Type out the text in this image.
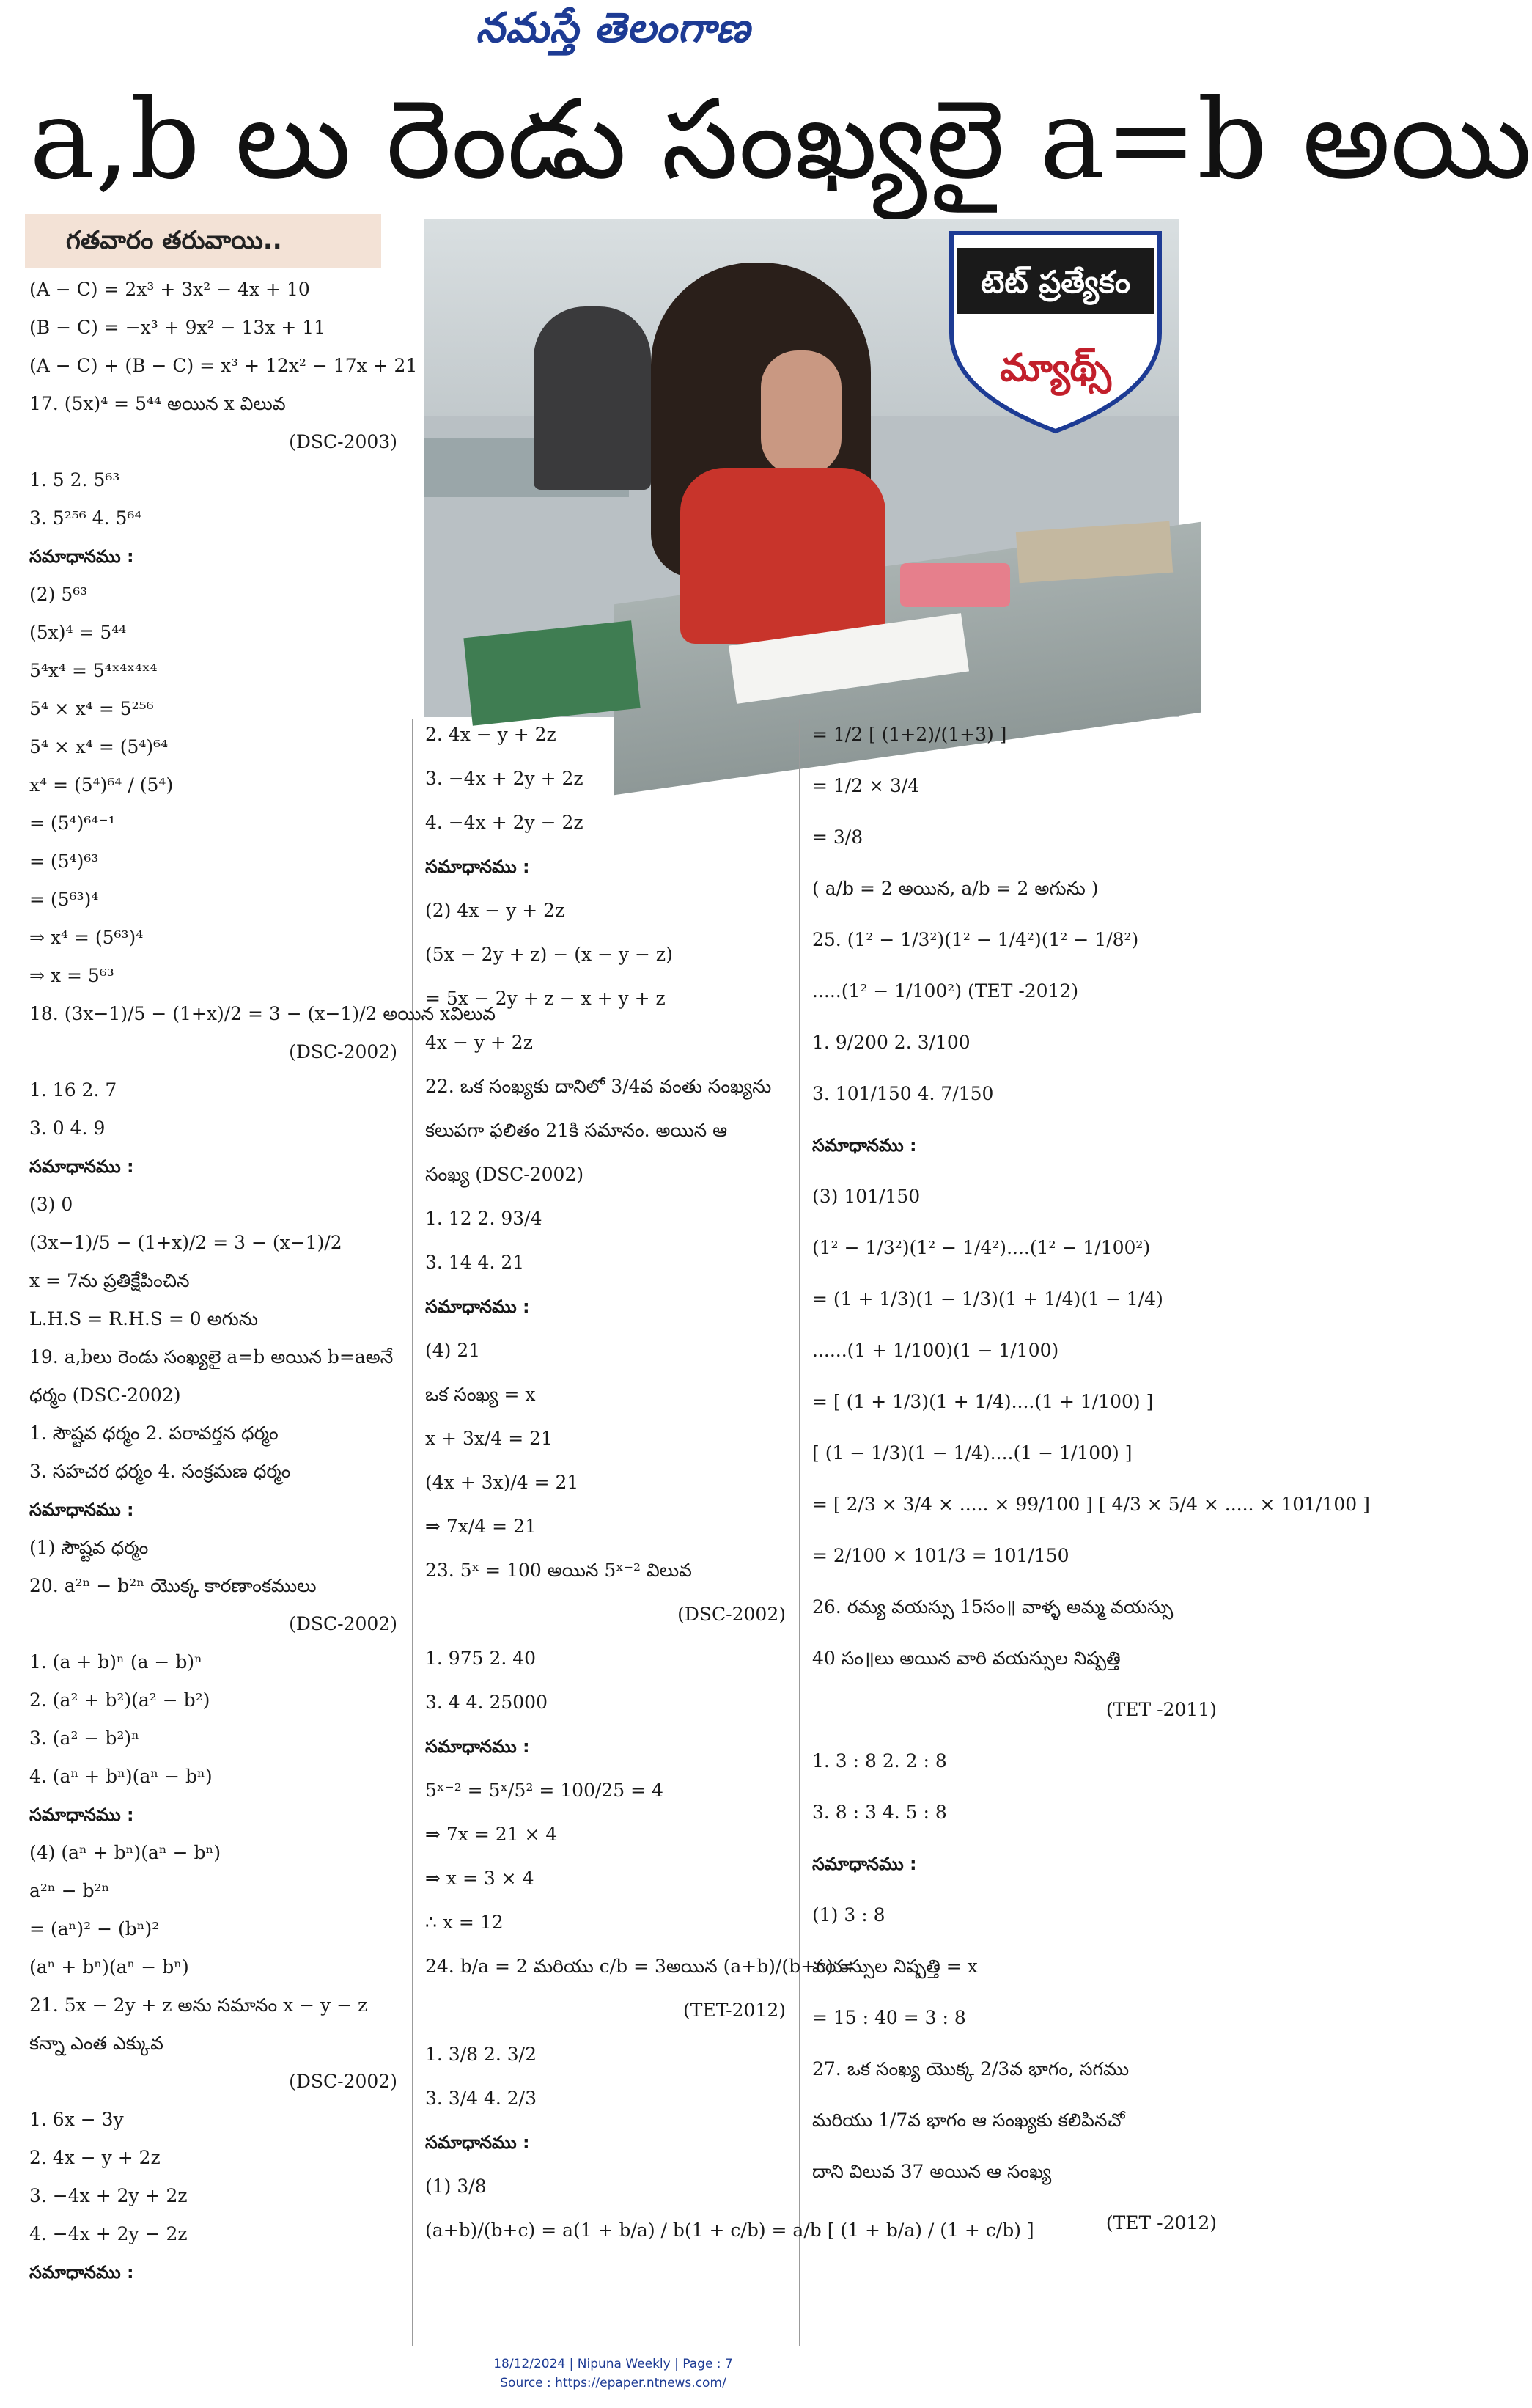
నమస్తే తెలంగాణ
a,b లు రెండు సంఖ్యలై a=b అయి
టెట్ ప్రత్యేకం
మ్యాథ్స్
గతవారం తరువాయి..
(A − C) = 2x³ + 3x² − 4x + 10
(B − C) = −x³ + 9x² − 13x + 11
(A − C) + (B − C) = x³ + 12x² − 17x + 21
17. (5x)⁴ = 5⁴⁴ అయిన x విలువ
(DSC-2003)
1. 5 2. 5⁶³
3. 5²⁵⁶ 4. 5⁶⁴
సమాధానము :
(2) 5⁶³
(5x)⁴ = 5⁴⁴
5⁴x⁴ = 5⁴ˣ⁴ˣ⁴ˣ⁴
5⁴ × x⁴ = 5²⁵⁶
5⁴ × x⁴ = (5⁴)⁶⁴
x⁴ = (5⁴)⁶⁴ / (5⁴)
= (5⁴)⁶⁴⁻¹
= (5⁴)⁶³
= (5⁶³)⁴
⇒ x⁴ = (5⁶³)⁴
⇒ x = 5⁶³
18. (3x−1)/5 − (1+x)/2 = 3 − (x−1)/2 అయిన xవిలువ
(DSC-2002)
1. 16 2. 7
3. 0 4. 9
సమాధానము :
(3) 0
(3x−1)/5 − (1+x)/2 = 3 − (x−1)/2
x = 7ను ప్రతిక్షేపించిన
L.H.S = R.H.S = 0 అగును
19. a,bలు రెండు సంఖ్యలై a=b అయిన b=aఅనే
ధర్మం (DSC-2002)
1. సౌష్టవ ధర్మం 2. పరావర్తన ధర్మం
3. సహచర ధర్మం 4. సంక్రమణ ధర్మం
సమాధానము :
(1) సౌష్టవ ధర్మం
20. a²ⁿ − b²ⁿ యొక్క కారణాంకములు
(DSC-2002)
1. (a + b)ⁿ (a − b)ⁿ
2. (a² + b²)(a² − b²)
3. (a² − b²)ⁿ
4. (aⁿ + bⁿ)(aⁿ − bⁿ)
సమాధానము :
(4) (aⁿ + bⁿ)(aⁿ − bⁿ)
a²ⁿ − b²ⁿ
= (aⁿ)² − (bⁿ)²
(aⁿ + bⁿ)(aⁿ − bⁿ)
21. 5x − 2y + z అను సమానం x − y − z
కన్నా ఎంత ఎక్కువ
(DSC-2002)
1. 6x − 3y
2. 4x − y + 2z
3. −4x + 2y + 2z
4. −4x + 2y − 2z
సమాధానము :
2. 4x − y + 2z
3. −4x + 2y + 2z
4. −4x + 2y − 2z
సమాధానము :
(2) 4x − y + 2z
(5x − 2y + z) − (x − y − z)
= 5x − 2y + z − x + y + z
4x − y + 2z
22. ఒక సంఖ్యకు దానిలో 3/4వ వంతు సంఖ్యను
కలుపగా ఫలితం 21కి సమానం. అయిన ఆ
సంఖ్య (DSC-2002)
1. 12 2. 93/4
3. 14 4. 21
సమాధానము :
(4) 21
ఒక సంఖ్య = x
x + 3x/4 = 21
(4x + 3x)/4 = 21
⇒ 7x/4 = 21
23. 5ˣ = 100 అయిన 5ˣ⁻² విలువ
(DSC-2002)
1. 975 2. 40
3. 4 4. 25000
సమాధానము :
5ˣ⁻² = 5ˣ/5² = 100/25 = 4
⇒ 7x = 21 × 4
⇒ x = 3 × 4
∴ x = 12
24. b/a = 2 మరియు c/b = 3అయిన (a+b)/(b+c) =
(TET-2012)
1. 3/8 2. 3/2
3. 3/4 4. 2/3
సమాధానము :
(1) 3/8
(a+b)/(b+c) = a(1 + b/a) / b(1 + c/b) = a/b [ (1 + b/a) / (1 + c/b) ]
= 1/2 [ (1+2)/(1+3) ]
= 1/2 × 3/4
= 3/8
( a/b = 2 అయిన, a/b = 2 అగును )
25. (1² − 1/3²)(1² − 1/4²)(1² − 1/8²)
.....(1² − 1/100²) (TET -2012)
1. 9/200 2. 3/100
3. 101/150 4. 7/150
సమాధానము :
(3) 101/150
(1² − 1/3²)(1² − 1/4²)....(1² − 1/100²)
= (1 + 1/3)(1 − 1/3)(1 + 1/4)(1 − 1/4)
......(1 + 1/100)(1 − 1/100)
= [ (1 + 1/3)(1 + 1/4)....(1 + 1/100) ]
[ (1 − 1/3)(1 − 1/4)....(1 − 1/100) ]
= [ 2/3 × 3/4 × ..... × 99/100 ] [ 4/3 × 5/4 × ..... × 101/100 ]
= 2/100 × 101/3 = 101/150
26. రమ్య వయస్సు 15సం॥ వాళ్ళ అమ్మ వయస్సు
40 సం॥లు అయిన వారి వయస్సుల నిష్పత్తి
(TET -2011)
1. 3 : 8 2. 2 : 8
3. 8 : 3 4. 5 : 8
సమాధానము :
(1) 3 : 8
వయస్సుల నిష్పత్తి = x
= 15 : 40 = 3 : 8
27. ఒక సంఖ్య యొక్క 2/3వ భాగం, సగము
మరియు 1/7వ భాగం ఆ సంఖ్యకు కలిపినచో
దాని విలువ 37 అయిన ఆ సంఖ్య
(TET -2012)
18/12/2024 | Nipuna Weekly | Page : 7
Source : https://epaper.ntnews.com/
